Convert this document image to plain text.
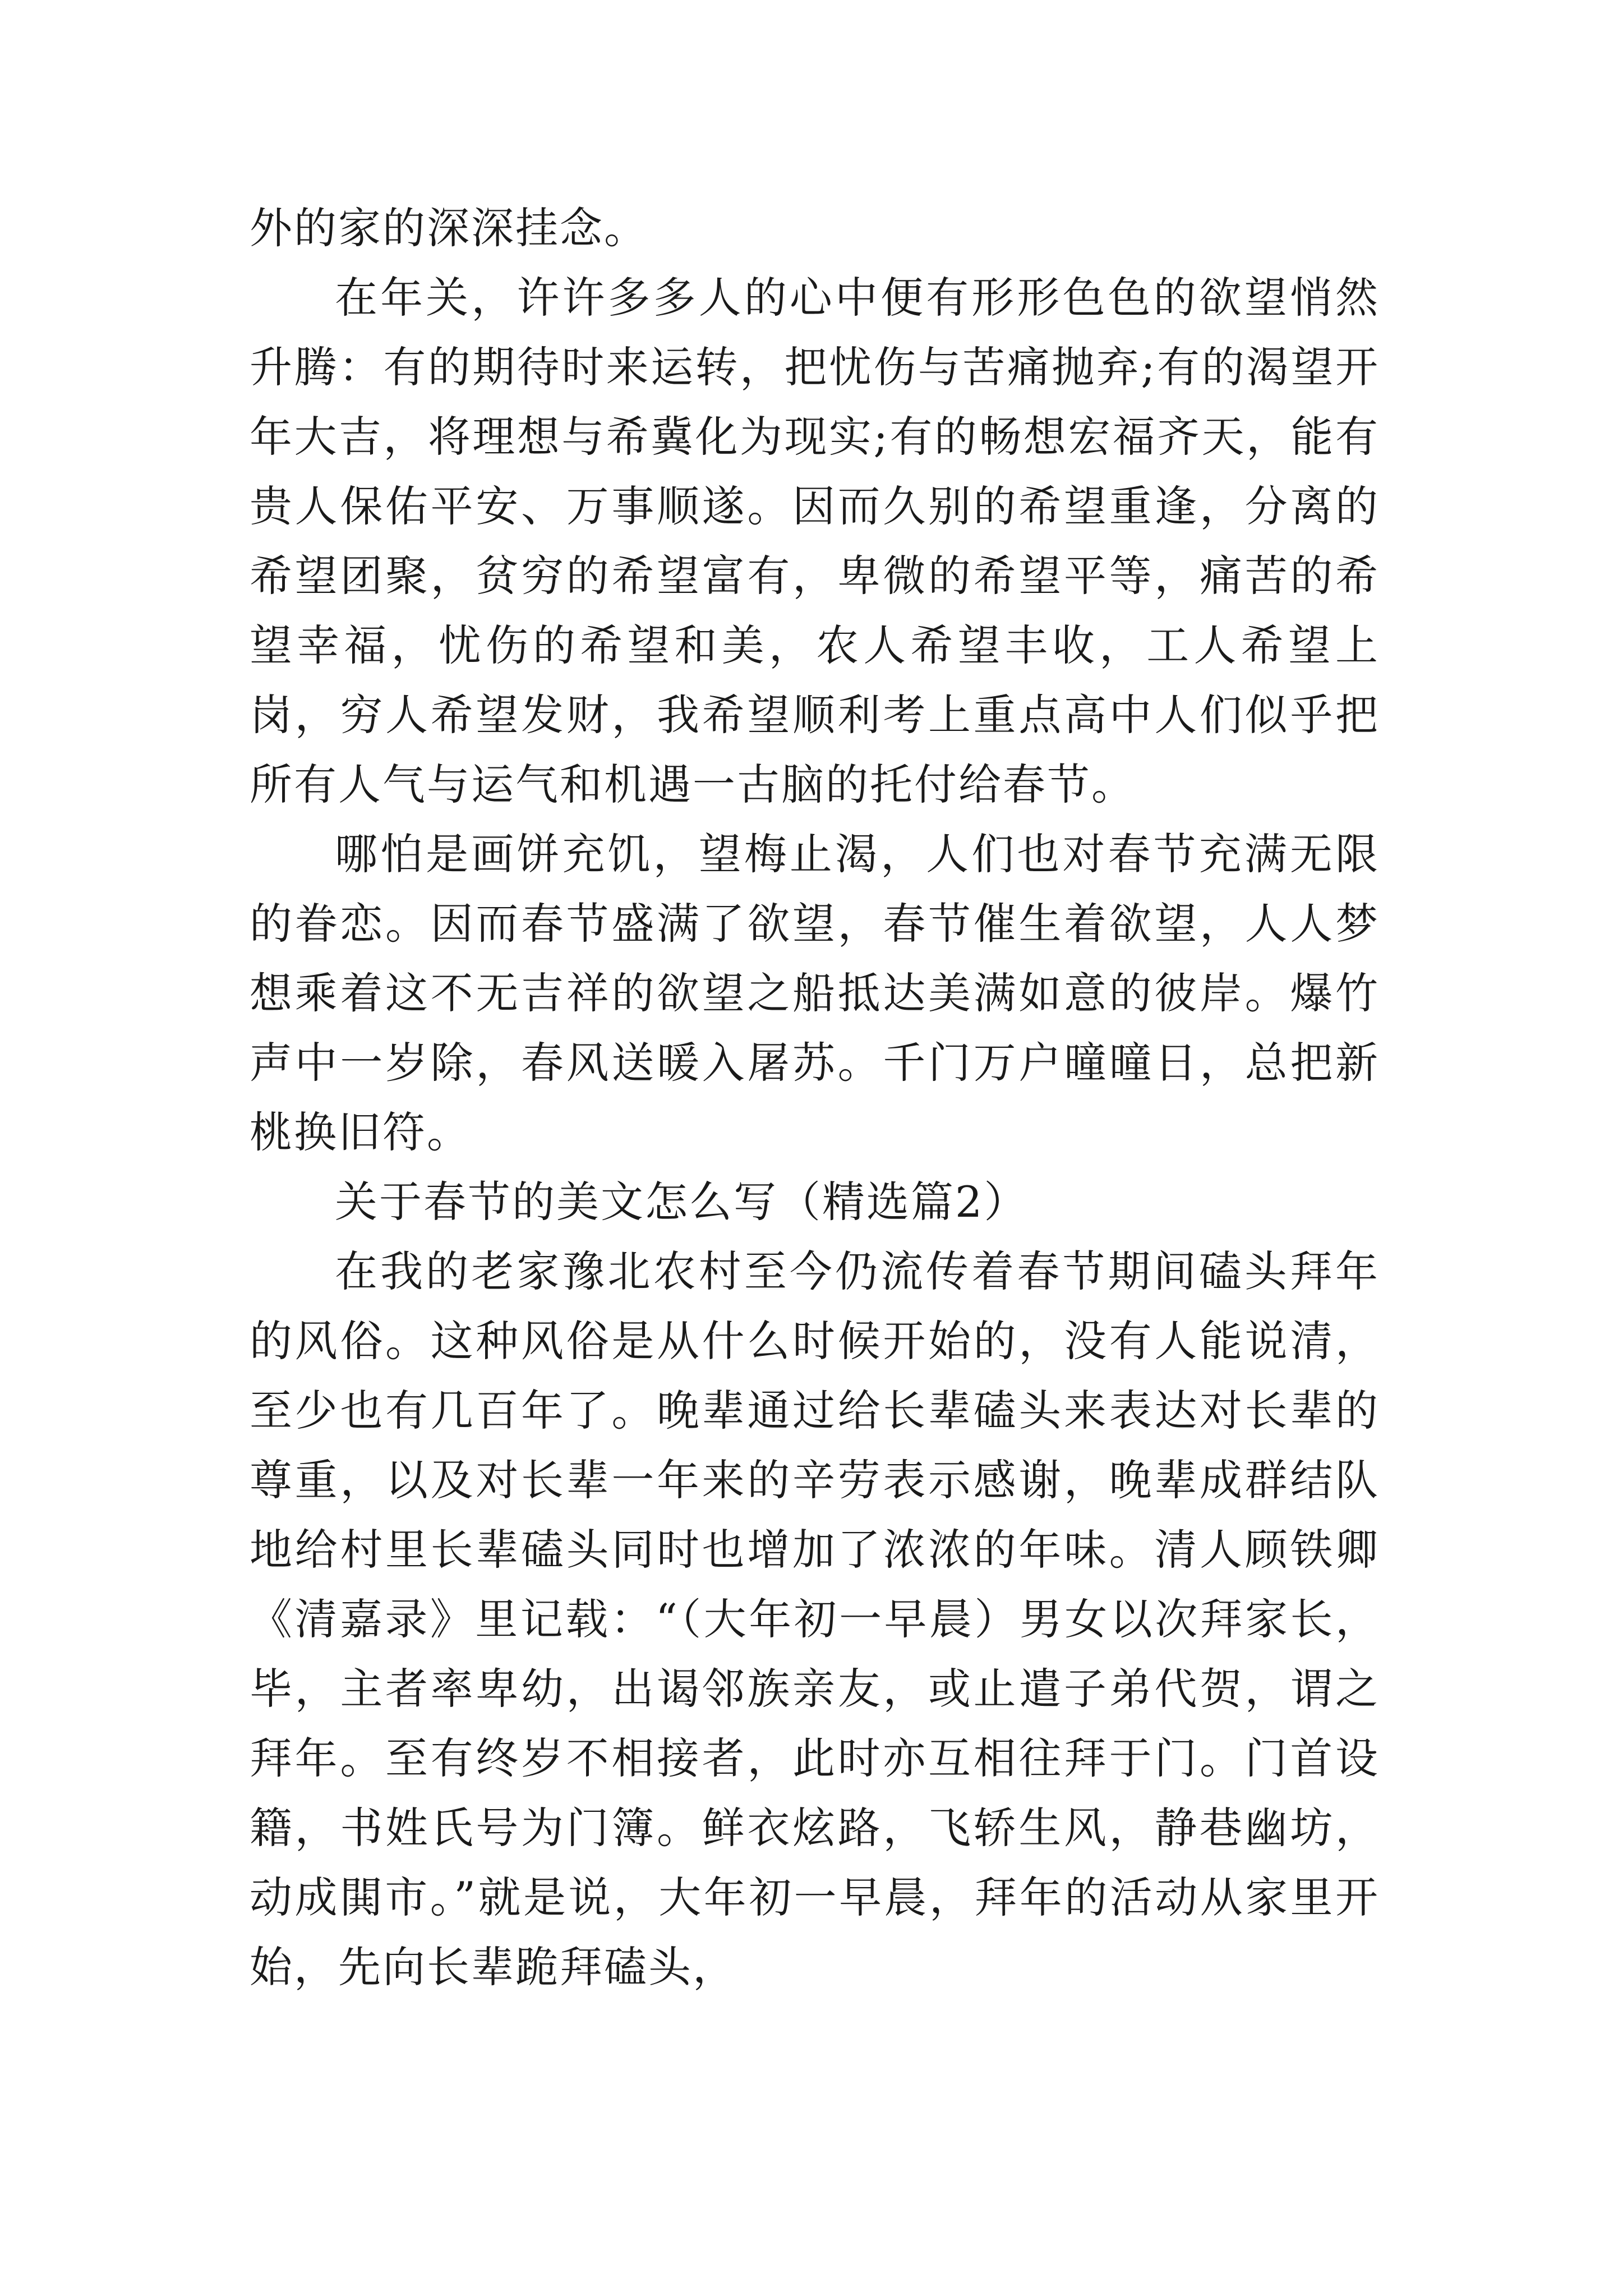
外的家的深深挂念。

在年关，许许多多人的心中便有形形色色的欲望悄然升腾：有的期待时来运转，把忧伤与苦痛抛弃;有的渴望开年大吉，将理想与希冀化为现实;有的畅想宏福齐天，能有贵人保佑平安、万事顺遂。因而久别的希望重逢，分离的希望团聚，贫穷的希望富有，卑微的希望平等，痛苦的希望幸福，忧伤的希望和美，农人希望丰收，工人希望上岗，穷人希望发财，我希望顺利考上重点高中人们似乎把所有人气与运气和机遇一古脑的托付给春节。

哪怕是画饼充饥，望梅止渴，人们也对春节充满无限的眷恋。因而春节盛满了欲望，春节催生着欲望，人人梦想乘着这不无吉祥的欲望之船抵达美满如意的彼岸。爆竹声中一岁除，春风送暖入屠苏。千门万户曈曈日，总把新桃换旧符。

关于春节的美文怎么写（精选篇2）

在我的老家豫北农村至今仍流传着春节期间磕头拜年的风俗。这种风俗是从什么时候开始的，没有人能说清，至少也有几百年了。晚辈通过给长辈磕头来表达对长辈的尊重，以及对长辈一年来的辛劳表示感谢，晚辈成群结队地给村里长辈磕头同时也增加了浓浓的年味。清人顾铁卿《清嘉录》里记载：“（大年初一早晨）男女以次拜家长，毕，主者率卑幼，出谒邻族亲友，或止遣子弟代贺，谓之拜年。至有终岁不相接者，此时亦互相往拜于门。门首设籍，书姓氏号为门簿。鲜衣炫路，飞轿生风，静巷幽坊，动成閧市。”就是说，大年初一早晨，拜年的活动从家里开始，先向长辈跪拜磕头，
